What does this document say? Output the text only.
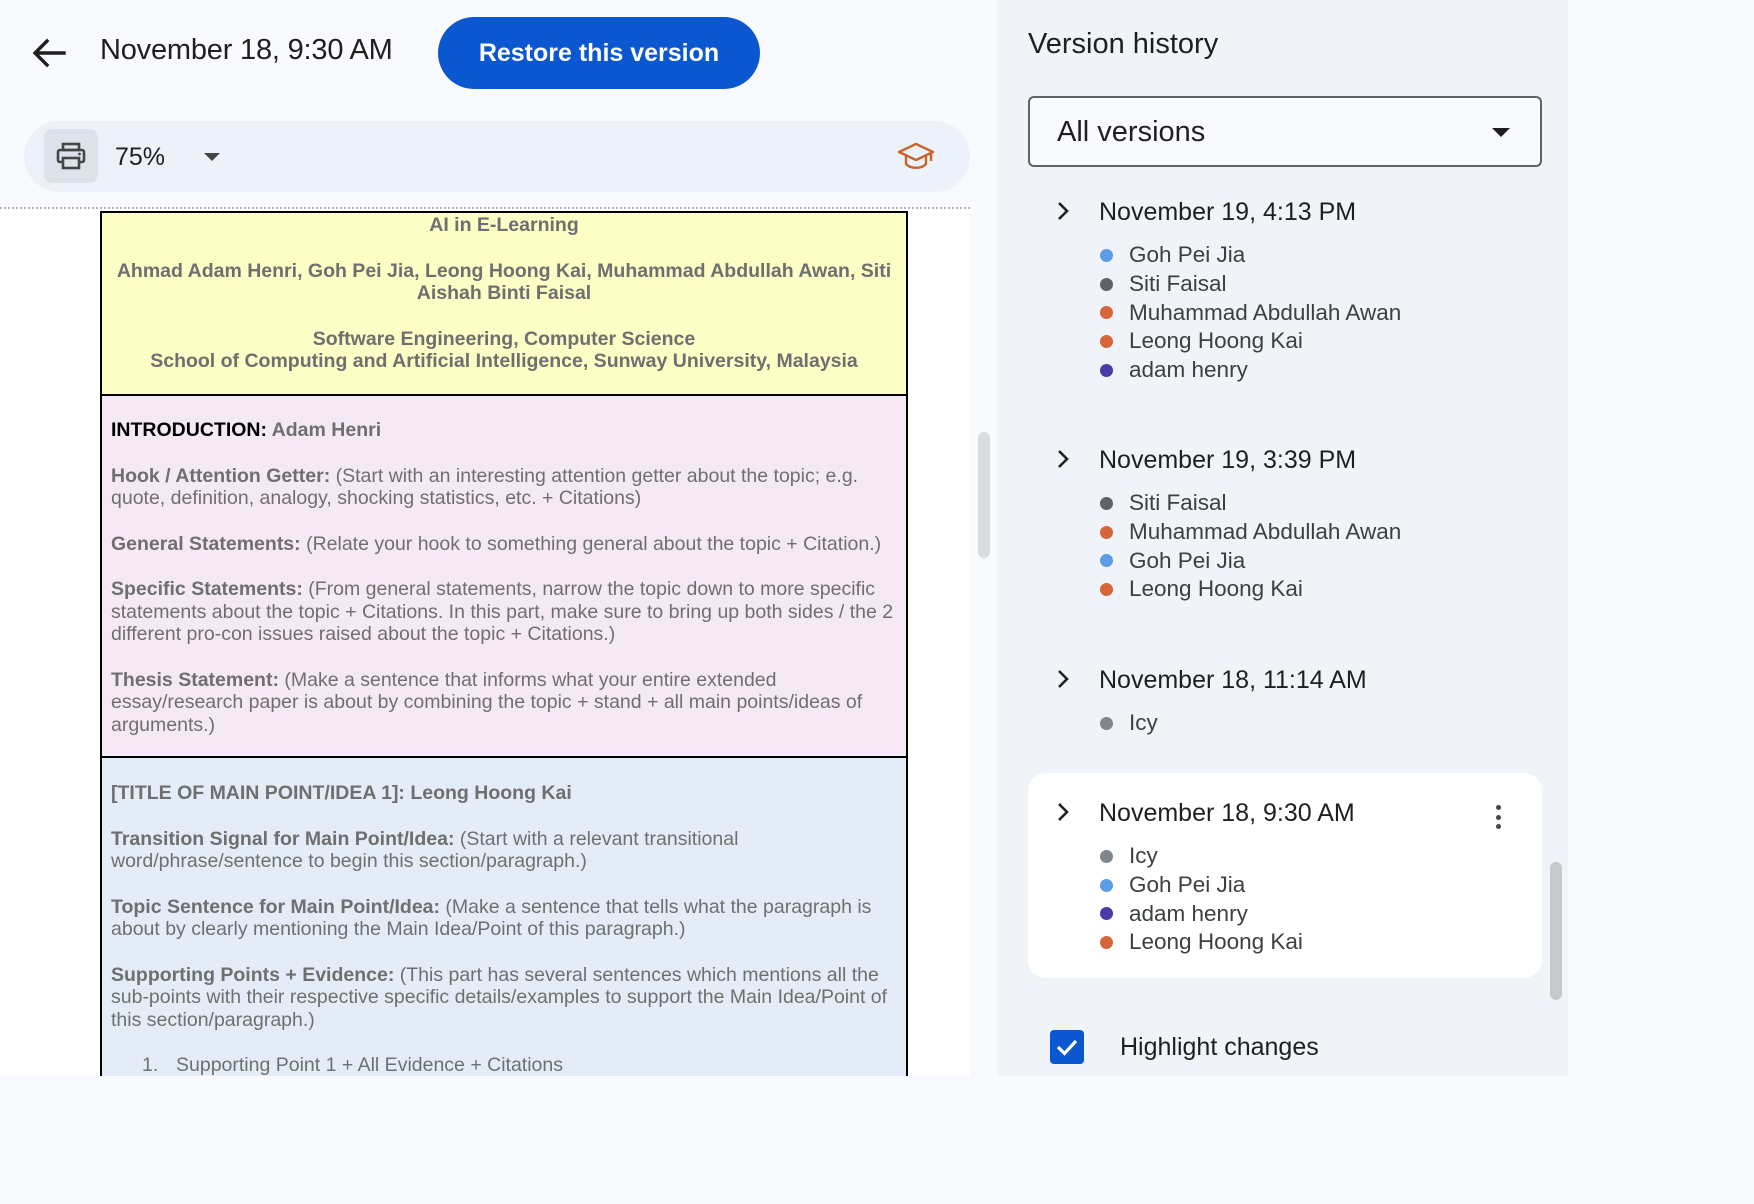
November 18, 9:30 AM	Restore this version
75%
AI in E-Learning
Ahmad Adam Henri, Goh Pei Jia, Leong Hoong Kai, Muhammad Abdullah Awan, Siti Aishah Binti Faisal
Software Engineering, Computer Science
School of Computing and Artificial Intelligence, Sunway University, Malaysia
INTRODUCTION: Adam Henri
Hook / Attention Getter: (Start with an interesting attention getter about the topic; e.g. quote, definition, analogy, shocking statistics, etc. + Citations)
General Statements: (Relate your hook to something general about the topic + Citation.)
Specific Statements: (From general statements, narrow the topic down to more specific statements about the topic + Citations. In this part, make sure to bring up both sides / the 2 different pro-con issues raised about the topic + Citations.)
Thesis Statement: (Make a sentence that informs what your entire extended essay/research paper is about by combining the topic + stand + all main points/ideas of arguments.)
[TITLE OF MAIN POINT/IDEA 1]: Leong Hoong Kai
Transition Signal for Main Point/Idea: (Start with a relevant transitional word/phrase/sentence to begin this section/paragraph.)
Topic Sentence for Main Point/Idea: (Make a sentence that tells what the paragraph is about by clearly mentioning the Main Idea/Point of this paragraph.)
Supporting Points + Evidence: (This part has several sentences which mentions all the sub-points with their respective specific details/examples to support the Main Idea/Point of this section/paragraph.)
1. Supporting Point 1 + All Evidence + Citations
Version history
All versions
November 19, 4:13 PM
Goh Pei Jia
Siti Faisal
Muhammad Abdullah Awan
Leong Hoong Kai
adam henry
November 19, 3:39 PM
Siti Faisal
Muhammad Abdullah Awan
Goh Pei Jia
Leong Hoong Kai
November 18, 11:14 AM
Icy
November 18, 9:30 AM
Icy
Goh Pei Jia
adam henry
Leong Hoong Kai
Highlight changes
